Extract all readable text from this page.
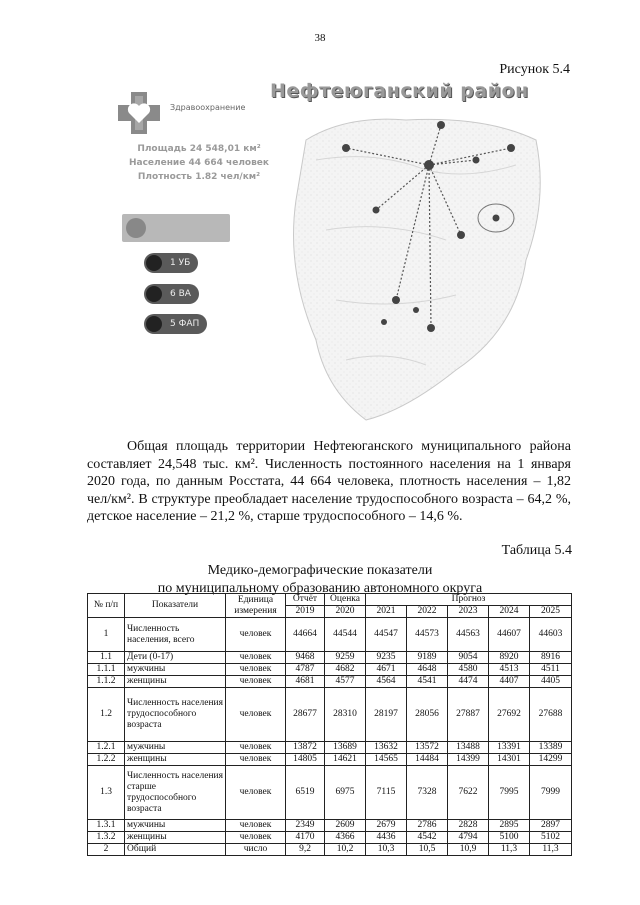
38
Рисунок 5.4
Здравоохранение
Нефтеюганский район
Площадь 24 548,01 км²
Население 44 664 человек
Плотность 1.82 чел/км²
1 УБ
6 ВА
5 ФАП

Общая площадь территории Нефтеюганского муниципального района составляет 24,548 тыс. км². Численность постоянного населения на 1 января 2020 года, по данным Росстата, 44 664 человека, плотность населения – 1,82 чел/км². В структуре преобладает население трудоспособного возраста – 64,2 %, детское население – 21,2 %, старше трудоспособного – 14,6 %.

Таблица 5.4
Медико-демографические показатели
по муниципальному образованию автономного округа
№ п/п	Показатели	Единица измерения	Отчёт	Оценка	Прогноз				
			2019	2020	2021	2022	2023	2024	2025
1	Численность населения, всего	человек	44664	44544	44547	44573	44563	44607	44603
1.1	Дети (0-17)	человек	9468	9259	9235	9189	9054	8920	8916
1.1.1	мужчины	человек	4787	4682	4671	4648	4580	4513	4511
1.1.2	женщины	человек	4681	4577	4564	4541	4474	4407	4405
1.2	Численность населения трудоспособного возраста	человек	28677	28310	28197	28056	27887	27692	27688
1.2.1	мужчины	человек	13872	13689	13632	13572	13488	13391	13389
1.2.2	женщины	человек	14805	14621	14565	14484	14399	14301	14299
1.3	Численность населения старше трудоспособного возраста	человек	6519	6975	7115	7328	7622	7995	7999
1.3.1	мужчины	человек	2349	2609	2679	2786	2828	2895	2897
1.3.2	женщины	человек	4170	4366	4436	4542	4794	5100	5102
2	Общий	число	9,2	10,2	10,3	10,5	10,9	11,3	11,3
